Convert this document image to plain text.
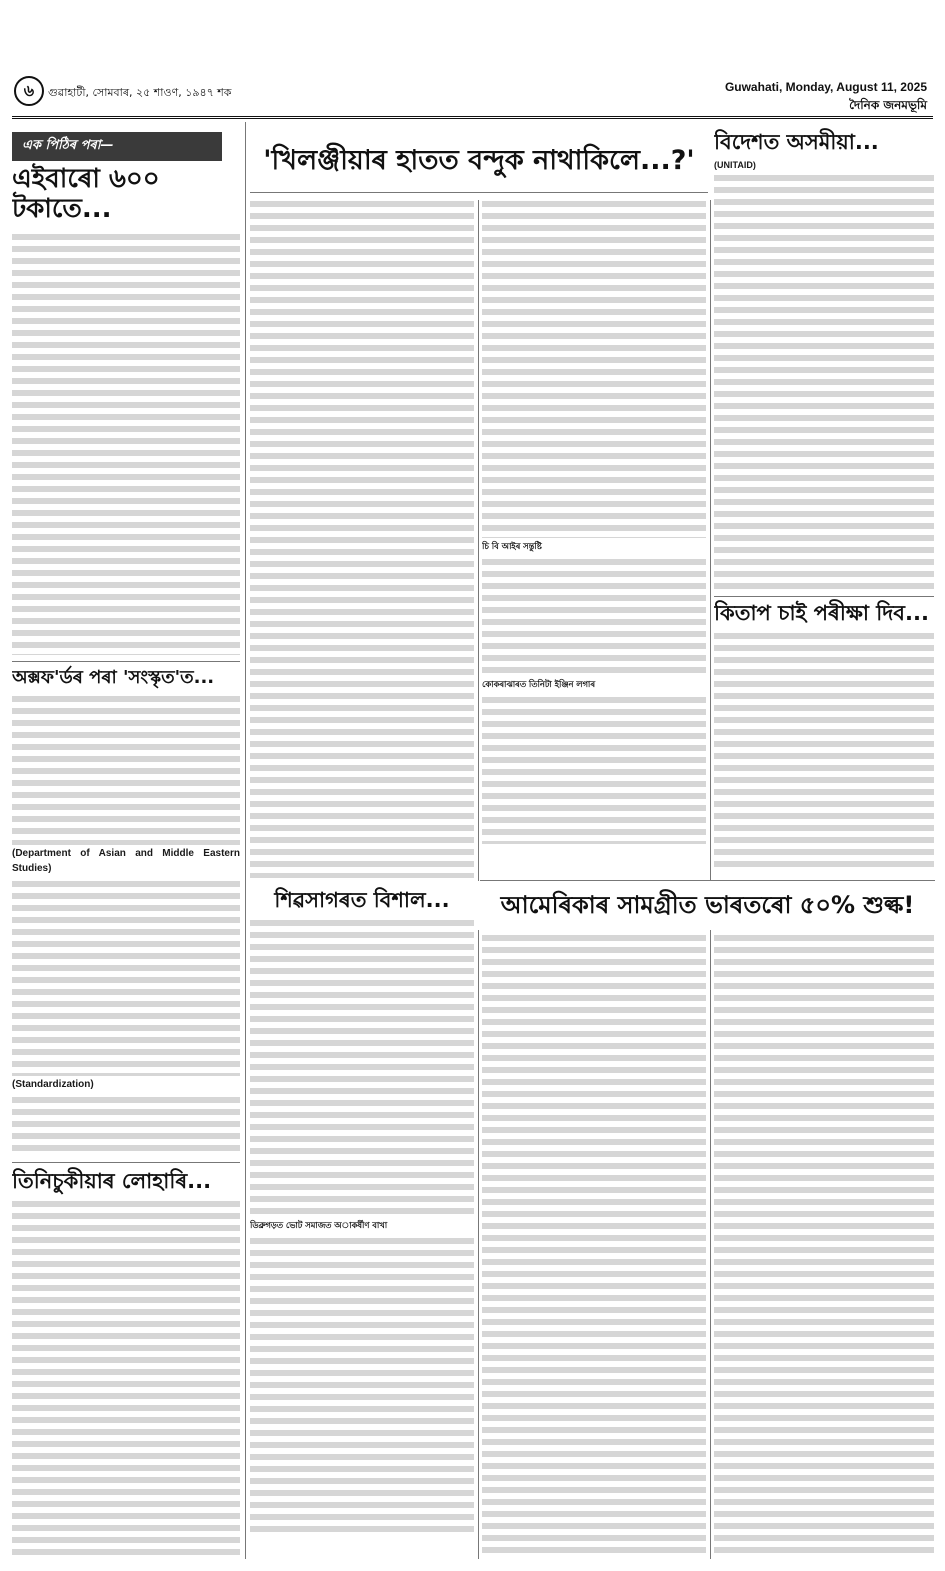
৬	গুৱাহাটী, সোমবাৰ, ২৫ শাওণ, ১৯৪৭ শক	Guwahati, Monday, August 11, 2025
দৈনিক জনমভূমি
এক পিঠিৰ পৰা—
এইবাৰো ৬০০ টকাতে...
অক্সফ'ৰ্ডৰ পৰা 'সংস্কৃত'ত...
(Department of Asian and Middle Eastern Studies)
(Standardization)
তিনিচুকীয়াৰ লোহাৰি...
'খিলঞ্জীয়াৰ হাতত বন্দুক নাথাকিলে...?'
চি বি আইৰ সন্তুষ্টি
কোকৰাঝাৰত তিনিটা ইঞ্জিন লগাৰ
শিৱসাগৰত বিশাল...
ডিব্ৰুগড়ত ভোট সমাজত অাকৰ্ষীণ বাখা
বিদেশত অসমীয়া...
(UNITAID)
কিতাপ চাই পৰীক্ষা দিব...
আমেৰিকাৰ সামগ্ৰীত ভাৰতৰো ৫০% শুল্ক!
